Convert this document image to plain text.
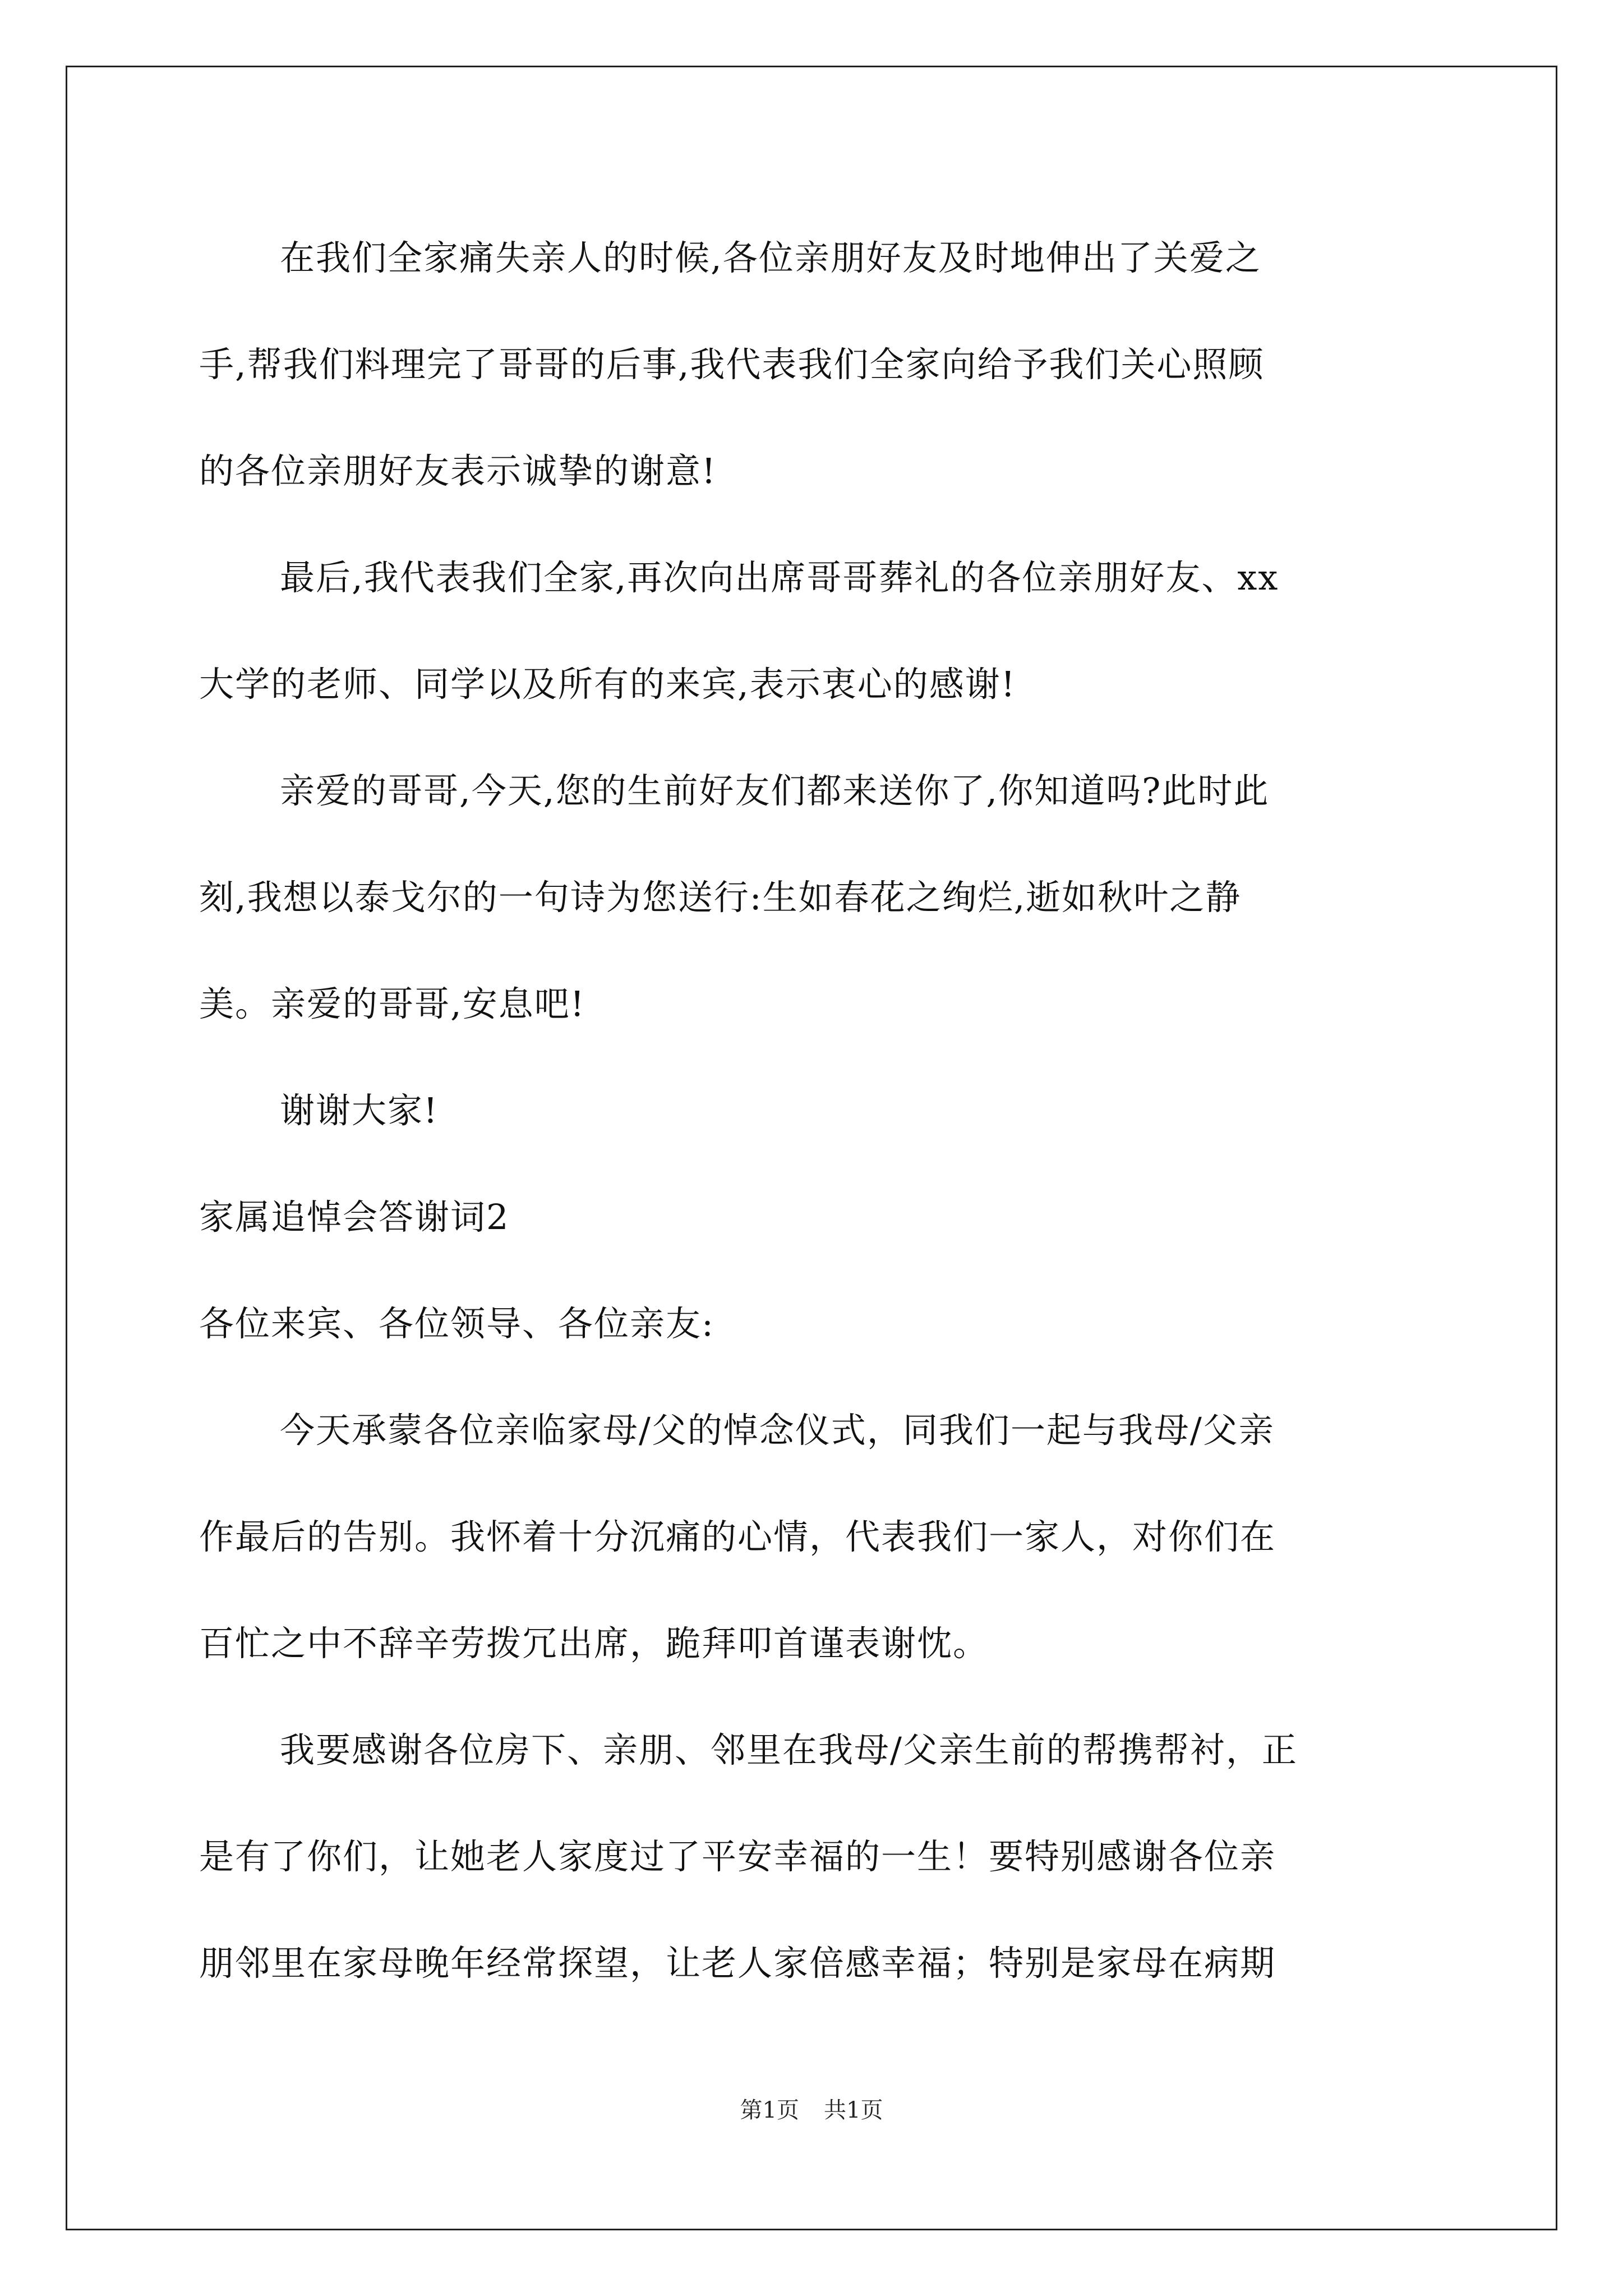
在我们全家痛失亲人的时候,各位亲朋好友及时地伸出了关爱之
手,帮我们料理完了哥哥的后事,我代表我们全家向给予我们关心照顾
的各位亲朋好友表示诚挚的谢意!
最后,我代表我们全家,再次向出席哥哥葬礼的各位亲朋好友、xx
大学的老师、同学以及所有的来宾,表示衷心的感谢!
亲爱的哥哥,今天,您的生前好友们都来送你了,你知道吗?此时此
刻,我想以泰戈尔的一句诗为您送行:生如春花之绚烂,逝如秋叶之静
美。亲爱的哥哥,安息吧!
谢谢大家!
家属追悼会答谢词2
各位来宾、各位领导、各位亲友:
今天承蒙各位亲临家母/父的悼念仪式，同我们一起与我母/父亲
作最后的告别。我怀着十分沉痛的心情，代表我们一家人，对你们在
百忙之中不辞辛劳拨冗出席，跪拜叩首谨表谢忱。
我要感谢各位房下、亲朋、邻里在我母/父亲生前的帮携帮衬，正
是有了你们，让她老人家度过了平安幸福的一生！要特别感谢各位亲
朋邻里在家母晚年经常探望，让老人家倍感幸福；特别是家母在病期
第1页 共1页
